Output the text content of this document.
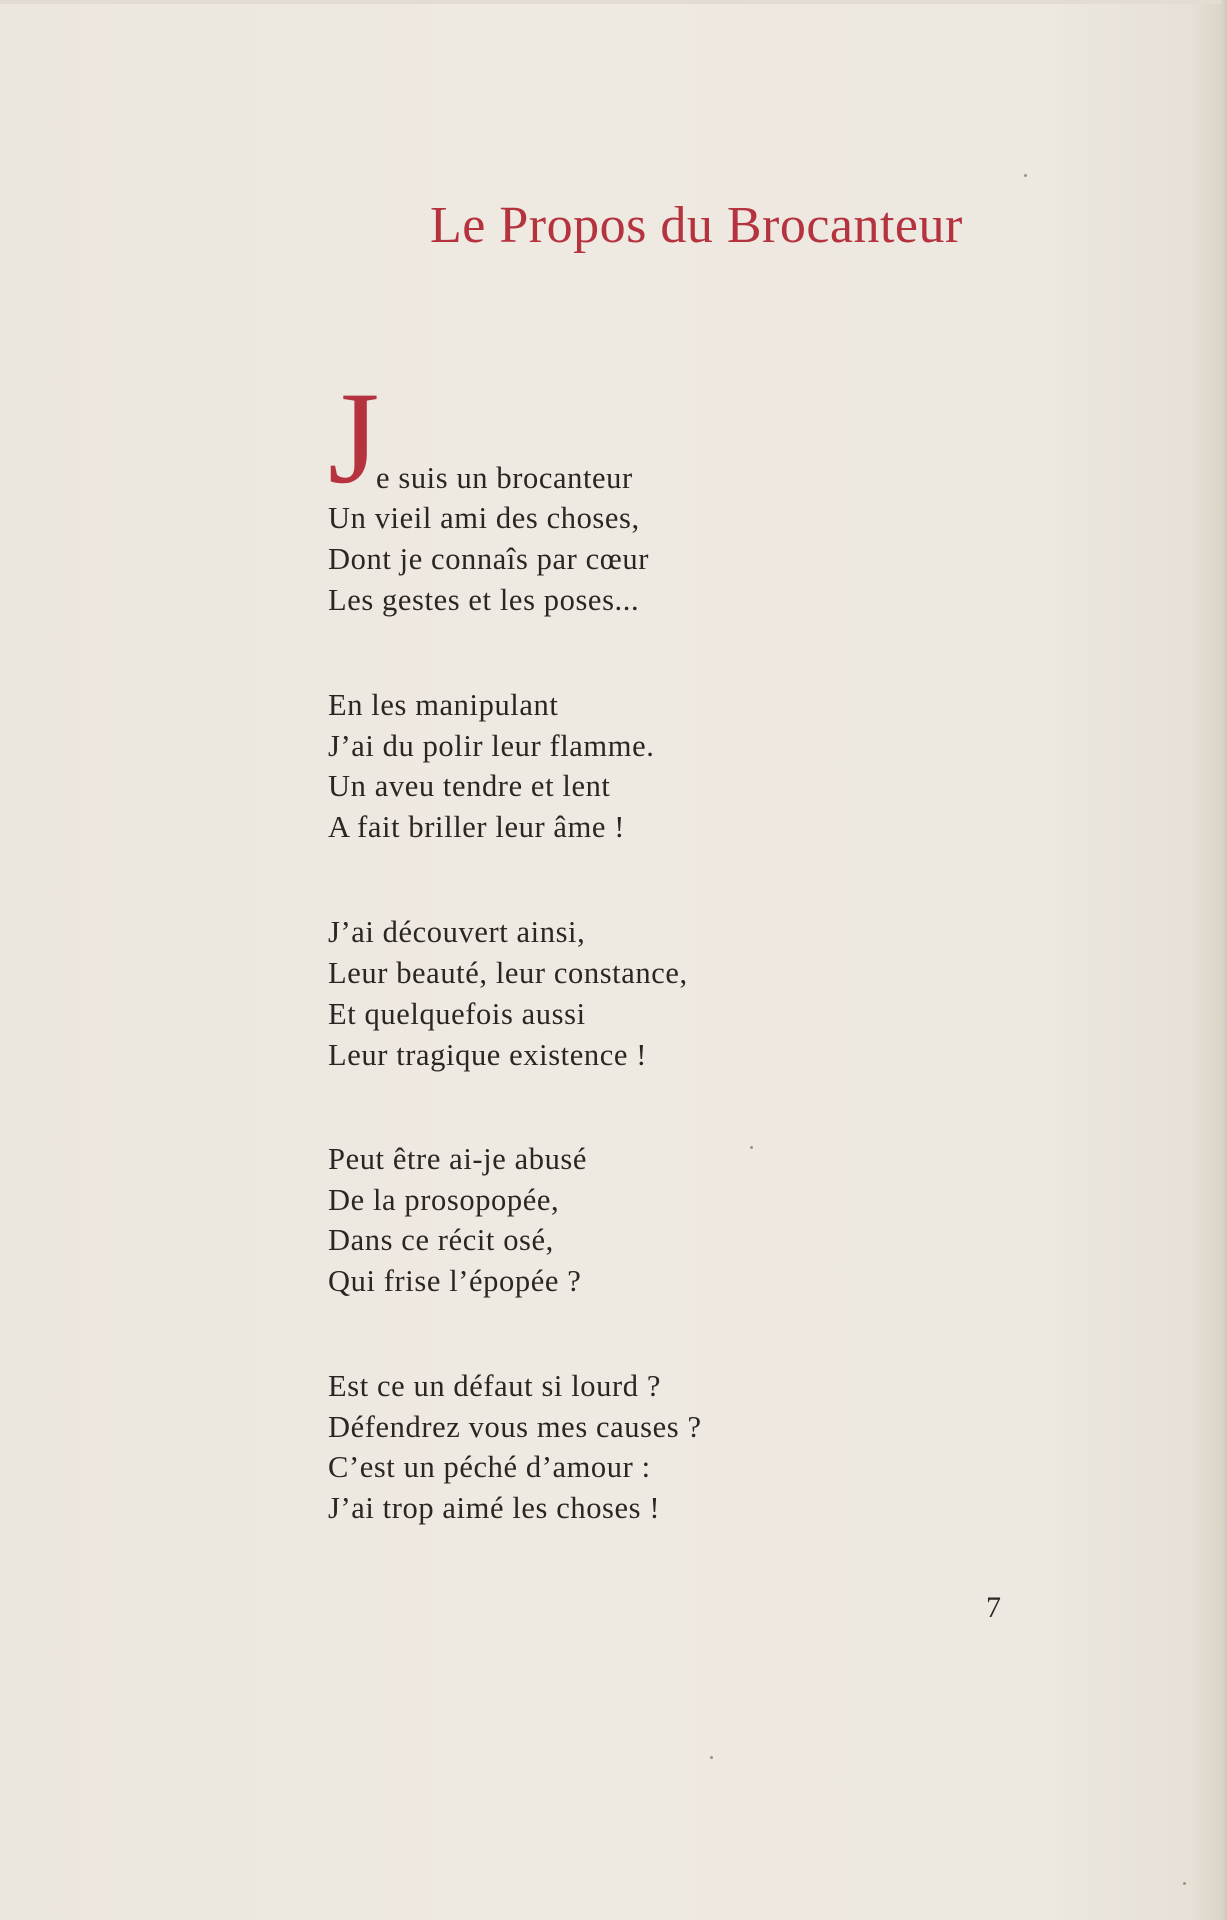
Le Propos du Brocanteur
J
e suis un brocanteur
Un vieil ami des choses,
Dont je connaîs par cœur
Les gestes et les poses...
En les manipulant
J’ai du polir leur flamme.
Un aveu tendre et lent
A fait briller leur âme !
J’ai découvert ainsi,
Leur beauté, leur constance,
Et quelquefois aussi
Leur tragique existence !
Peut être ai-je abusé
De la prosopopée,
Dans ce récit osé,
Qui frise l’épopée ?
Est ce un défaut si lourd ?
Défendrez vous mes causes ?
C’est un péché d’amour :
J’ai trop aimé les choses !
7
